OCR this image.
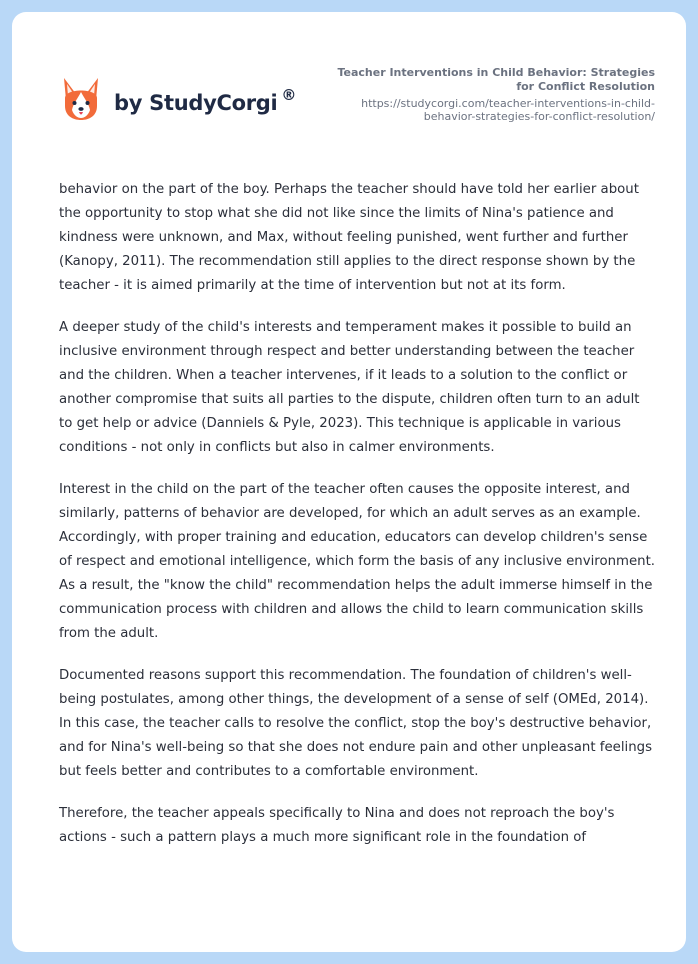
by StudyCorgi ®
Teacher Interventions in Child Behavior: Strategies for Conflict Resolution
https://studycorgi.com/teacher-interventions-in-child-behavior-strategies-for-conflict-resolution/

behavior on the part of the boy. Perhaps the teacher should have told her earlier about the opportunity to stop what she did not like since the limits of Nina's patience and kindness were unknown, and Max, without feeling punished, went further and further (Kanopy, 2011). The recommendation still applies to the direct response shown by the teacher - it is aimed primarily at the time of intervention but not at its form.

A deeper study of the child's interests and temperament makes it possible to build an inclusive environment through respect and better understanding between the teacher and the children. When a teacher intervenes, if it leads to a solution to the conflict or another compromise that suits all parties to the dispute, children often turn to an adult to get help or advice (Danniels & Pyle, 2023). This technique is applicable in various conditions - not only in conflicts but also in calmer environments.

Interest in the child on the part of the teacher often causes the opposite interest, and similarly, patterns of behavior are developed, for which an adult serves as an example. Accordingly, with proper training and education, educators can develop children's sense of respect and emotional intelligence, which form the basis of any inclusive environment. As a result, the "know the child" recommendation helps the adult immerse himself in the communication process with children and allows the child to learn communication skills from the adult.

Documented reasons support this recommendation. The foundation of children's well-being postulates, among other things, the development of a sense of self (OMEd, 2014). In this case, the teacher calls to resolve the conflict, stop the boy's destructive behavior, and for Nina's well-being so that she does not endure pain and other unpleasant feelings but feels better and contributes to a comfortable environment.

Therefore, the teacher appeals specifically to Nina and does not reproach the boy's actions - such a pattern plays a much more significant role in the foundation of
